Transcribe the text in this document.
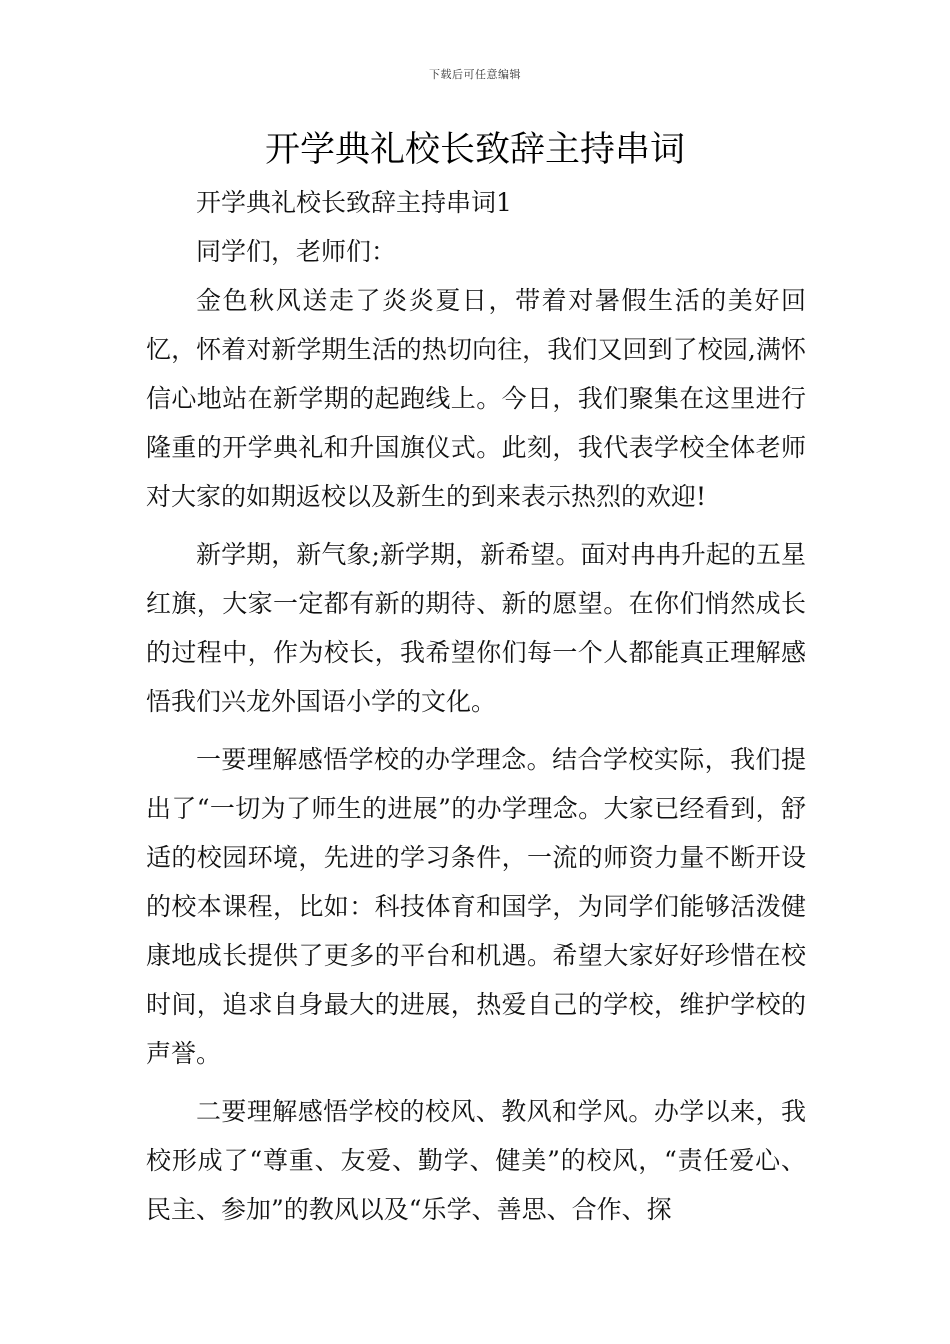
下载后可任意编辑
开学典礼校长致辞主持串词

开学典礼校长致辞主持串词1

同学们，老师们：

金色秋风送走了炎炎夏日，带着对暑假生活的美好回忆，怀着对新学期生活的热切向往，我们又回到了校园,满怀信心地站在新学期的起跑线上。今日，我们聚集在这里进行隆重的开学典礼和升国旗仪式。此刻，我代表学校全体老师对大家的如期返校以及新生的到来表示热烈的欢迎!

新学期，新气象;新学期，新希望。面对冉冉升起的五星红旗，大家一定都有新的期待、新的愿望。在你们悄然成长的过程中，作为校长，我希望你们每一个人都能真正理解感悟我们兴龙外国语小学的文化。

一要理解感悟学校的办学理念。结合学校实际，我们提出了“一切为了师生的进展”的办学理念。大家已经看到，舒适的校园环境，先进的学习条件，一流的师资力量不断开设的校本课程，比如：科技体育和国学，为同学们能够活泼健康地成长提供了更多的平台和机遇。希望大家好好珍惜在校时间，追求自身最大的进展，热爱自己的学校，维护学校的声誉。

二要理解感悟学校的校风、教风和学风。办学以来，我校形成了“尊重、友爱、勤学、健美”的校风，“责任爱心、民主、参加”的教风以及“乐学、善思、合作、探
